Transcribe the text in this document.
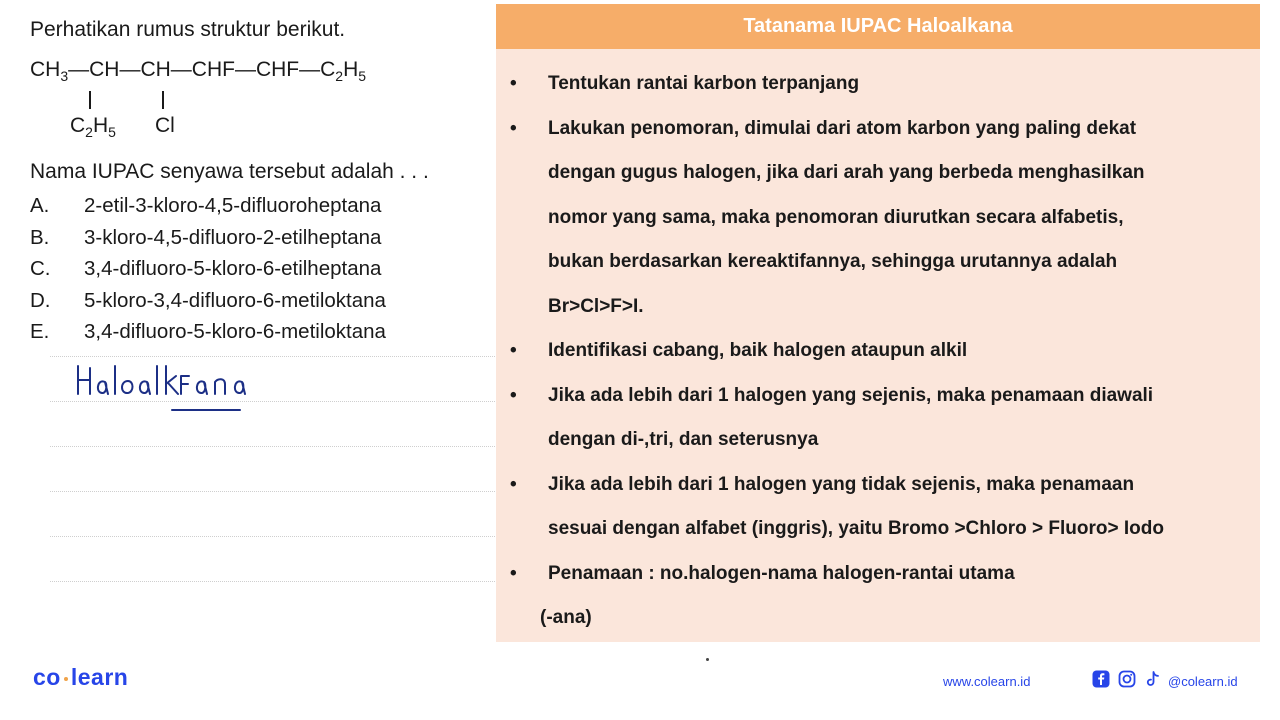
Perhatikan rumus struktur berikut.
$CH_3—CH—CH—CHF—CHF—C_2H_5$
$C_2H_5$ Cl
Nama IUPAC senyawa tersebut adalah . . .
A.	2-etil-3-kloro-4,5-difluoroheptana
B.	3-kloro-4,5-difluoro-2-etilheptana
C.	3,4-difluoro-5-kloro-6-etilheptana
D.	5-kloro-3,4-difluoro-6-metiloktana
E.	3,4-difluoro-5-kloro-6-metiloktana
Haloalkana
Tatanama IUPAC Haloalkana
• Tentukan rantai karbon terpanjang
• Lakukan penomoran, dimulai dari atom karbon yang paling dekat
dengan gugus halogen, jika dari arah yang berbeda menghasilkan
nomor yang sama, maka penomoran diurutkan secara alfabetis,
bukan berdasarkan kereaktifannya, sehingga urutannya adalah
Br>Cl>F>I.
• Identifikasi cabang, baik halogen ataupun alkil
• Jika ada lebih dari 1 halogen yang sejenis, maka penamaan diawali
dengan di-,tri, dan seterusnya
• Jika ada lebih dari 1 halogen yang tidak sejenis, maka penamaan
sesuai dengan alfabet (inggris), yaitu Bromo >Chloro > Fluoro> Iodo
• Penamaan : no.halogen-nama halogen-rantai utama
(-ana)
co learn	www.colearn.id	@colearn.id
